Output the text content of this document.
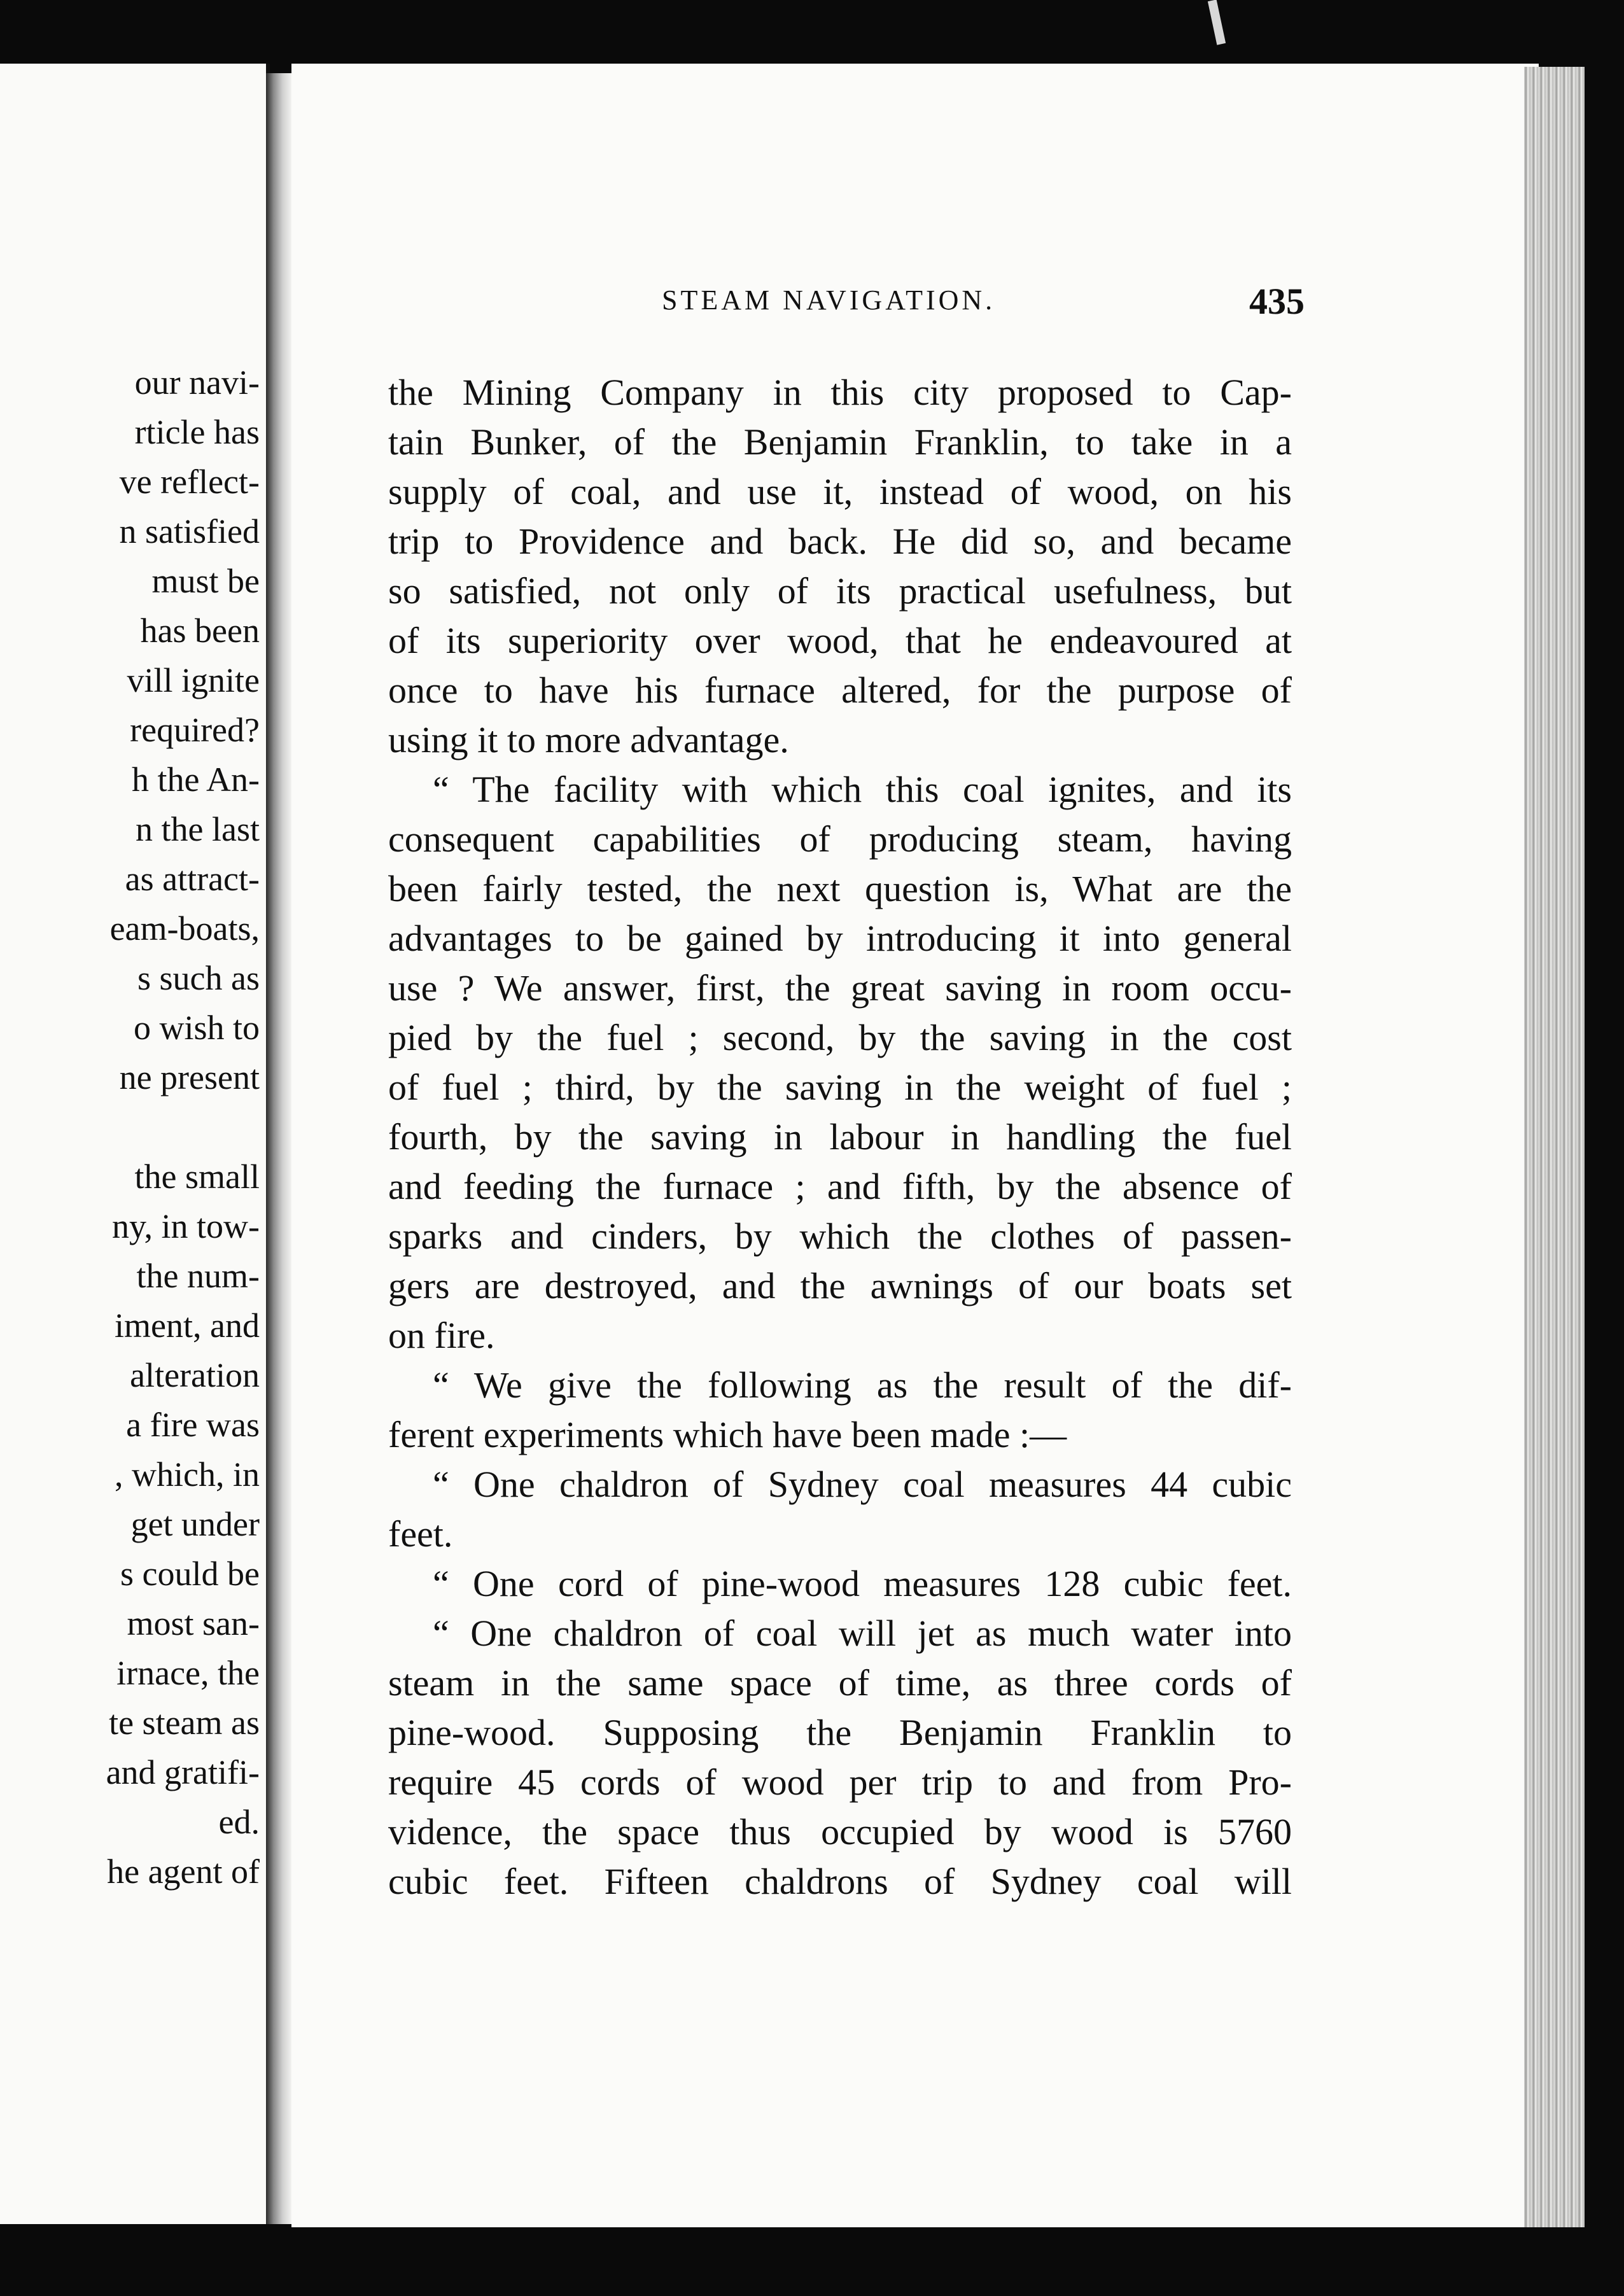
our navi-

rticle has

ve reflect-

n satisfied

must be

has been

vill ignite

required?

h the An-

n the last

as attract-

eam-boats,

s such as

o wish to

ne present

the small

ny, in tow-

the num-

iment, and

alteration

a fire was

, which, in

get under

s could be

most san-

irnace, the

te steam as

and gratifi-

ed.

he agent of

STEAM NAVIGATION.	435

the Mining Company in this city proposed to Cap-

tain Bunker, of the Benjamin Franklin, to take in a

supply of coal, and use it, instead of wood, on his

trip to Providence and back. He did so, and became

so satisfied, not only of its practical usefulness, but

of its superiority over wood, that he endeavoured at

once to have his furnace altered, for the purpose of

using it to more advantage.

“ The facility with which this coal ignites, and its

consequent capabilities of producing steam, having

been fairly tested, the next question is, What are the

advantages to be gained by introducing it into general

use ? We answer, first, the great saving in room occu-

pied by the fuel ; second, by the saving in the cost

of fuel ; third, by the saving in the weight of fuel ;

fourth, by the saving in labour in handling the fuel

and feeding the furnace ; and fifth, by the absence of

sparks and cinders, by which the clothes of passen-

gers are destroyed, and the awnings of our boats set

on fire.

“ We give the following as the result of the dif-

ferent experiments which have been made :—

“ One chaldron of Sydney coal measures 44 cubic

feet.

“ One cord of pine-wood measures 128 cubic feet.

“ One chaldron of coal will jet as much water into

steam in the same space of time, as three cords of

pine-wood. Supposing the Benjamin Franklin to

require 45 cords of wood per trip to and from Pro-

vidence, the space thus occupied by wood is 5760

cubic feet. Fifteen chaldrons of Sydney coal will
